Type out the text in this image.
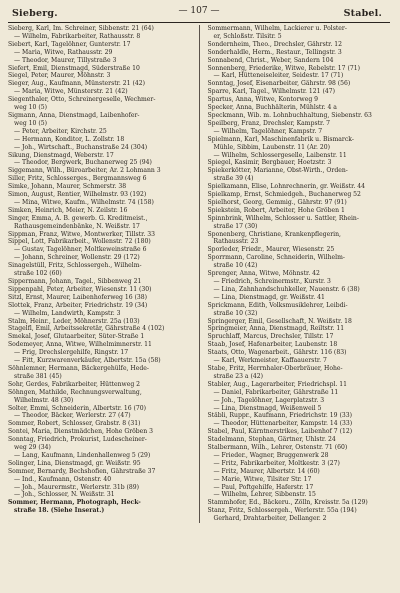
Sieberg.	— 107 —	Stabel.
Sieberg, Karl, Im. Schreiner, Sibbenstr. 21 (64)
— Wilhelm, Fabrikarbeiter, Rathausstr. 8
Siebert, Karl, Tagelöhner, Gunterstr. 17
— Maria, Witwe, Rathausstr. 29
— Theodor, Maurer, Tillystraße 3
Siefert, Emil, Dienstmagd, Süderstraße 10
Siegel, Peter, Maurer, Möhnstr. 3
Sieger, Aug., Kaufmann, Münsterstr. 21 (42)
— Maria, Witwe, Münsterstr. 21 (42)
Siegenthaler, Otto, Schreinergeselle, Wechmer-
weg 10 (5)
Sigmann, Anna, Dienstmagd, Laibenhofer-
weg 10 (5)
— Peter, Arbeiter, Kirchstr. 25
— Hermann, Konditor, L. Zollstr. 18
— Joh., Wirtschaft., Buchanstraße 24 (304)
Sikung, Dienstmagd, Weberstr. 17
— Theodor, Bergwerk, Buchanerweg 25 (94)
Siggemann, Wilh., Büroarbeiter, Ar. 2 Lohmann 3
Siller, Fritz, Schlosserges., Bergmannsweg 6
Simke, Johann, Maurer, Schmerstr. 38
Simon, August, Rentier, Wilhelmstr. 93 (192)
— Mina, Witwe, Kaufm., Wilhelmstr. 74 (158)
Simken, Heinrich, Meier, N. Zeilstr. 16
Singer, Emma, A. B. gewerb. G. Kreditmeist.,
Rathausgemeindenbänke, N. Weißstr. 17
Sippman, Franz, Witwe, Montwerker, Tillstr. 33
Sippel, Lott, Fabrikarbeit., Wollenstr. 72 (180)
— Gustav, Tagelöhner, Moltkeweinstraße 6
— Johann, Schreiner, Wollenstr. 29 (172)
Sinagelstüll, Fritz, Schlossergeh., Wilhelm-
straße 102 (60)
Sippermann, Johann, Tagel., Sibbenweg 21
Sippenpahl, Peter, Arbeiter, Wiesenstr. 11 (30)
Sitzl, Ernst, Maurer, Laibenhoferweg 16 (38)
Slottek, Franz, Arbeiter, Friedrichstr. 19 (34)
— Wilhelm, Landwirth, Kampstr. 3
Stalm, Heinr., Leder, Möhnerstr. 25a (103)
Stagelfl, Emil, Arbeitssekretär, Gährstraße 4 (102)
Smekal, Josef, Glutaarbeiter, Süter-Straße 1
Sodemeyer, Anna, Witwe, Wilhelmimnerstr. 11
— Frig, Drechslergehilfe, Ringstr. 17
— Fitt, Kurzwarenverkäufer, Albertstr. 15a (58)
Söhnlemner, Hermann, Bäckergehülfe, Hede-
straße 381 (45)
Sohr, Gerdes, Fabrikarbeiter, Hüttenweg 2
Söhngen, Mathilde, Rechnungsverwaltung,
Wilhelmstr. 48 (30)
Solter, Emmi, Schneiderin, Albertstr. 16 (70)
— Theodor, Bäcker, Werlerstr. 27 (47)
Sommer, Robert, Schlosser, Grabstr. 8 (31)
Sontei, Maria, Dienstmädchen, Hohe Gröben 3
Sonntag, Friedrich, Prokurist, Ludescheiner-
weg 29 (34)
— Lang, Kaufmann, Lindenhallenweg 5 (29)
Solinger, Lina, Dienstmagd, gr. Weißstr. 95
Sommer, Bernardy, Bechshofien, Gährstraße 37
— Ind., Kaufmann, Ostenstr. 40
— Joh., Maurermstr., Werlerstr. 31b (89)
— Joh., Schlosser, N. Weißstr. 31
Sommer, Hermann, Photograph, Heck-
straße 18. (Siehe Inserat.)
Sommermann, Wilhelm, Lackierer u. Polster-
er, Schloßstr. Tilsitr. 5
Sondernheim, Theo., Drechsler, Gährstr. 12
Sonderhaldle, Herm., Restaur., Tellingstr. 3
Sonnabend, Christ., Weber, Sandern 104
Sonnenberg, Friederike, Witwe, Rebelstr. 17 (71)
— Karl, Hütteneiseleiter, Seidestr. 17 (71)
Sonntag, Josef, Eisenarbeiter, Gährstr. 98 (56)
Sparre, Karl, Tagel., Wilhelmstr. 121 (47)
Spartus, Anna, Witwe, Kontorweg 9
Specker, Anna, Buchhälterin, Mühlstr. 4 a
Speckmann, Wib. m. Lohnbuchhaltung, Siebenstr. 63
Speilberg, Franz, Drechsler, Kampstr. 7
— Wilhelm, Tagelöhner, Kampstr. 7
Spielmann, Karl, Maschinenfabrik u. Bismarck-
Mühle, Sibbim, Laubenstr. 11 (Ar. 20)
— Wilhelm, Schlossergeselle, Laibenstr. 11
Spiegel, Kasimir, Bergbauer, Hoetzstr. 3
Spiekerkötter, Marianne, Obst-Wirth., Orden-
straße 39 (4)
Spielkamann, Elise, Lohnrechnerin, gr. Weißstr. 44
Spielkamp, Ernst, Schmiedgeh., Buchanerweg 52
Spielhorst, Georg, Gemmig., Gährstr. 97 (91)
Spiekstein, Robert, Arbeiter, Hohe Gröben 1
Spinnbrink, Wilhelm, Schlosser u. Sattler, Rhein-
straße 17 (30)
Sponenberg, Christiane, Krankenpflegerin,
Rathausstr. 23
Sporleder, Friedr., Maurer, Wiesenstr. 25
Sporrmann, Caroline, Schneiderin, Wilhelm-
straße 10 (42)
Sprenger, Anna, Witwe, Möhnstr. 42
— Friedrich, Schreinermstr., Kurstr. 3
— Lina, Zahnhandschuhkeller, Nauenstr. 6 (38)
— Lina, Dienstmagd, gr. Weißstr. 41
Sprickmann, Edith, Volksmusiklehrer, Leibdi-
straße 10 (32)
Springerger, Emil, Gesellschaft, N. Weißstr. 18
Springmeier, Anna, Dienstmagd, Reiltstr. 11
Spruchlaff, Marcus, Drechsler, Tillstr. 17
Staab, Josef, Hafenarbeiter, Laubenstr. 18
Staats, Otto, Wagenarbeit., Gährstr. 116 (83)
— Karl, Werkmeister, Kaffaauerstr. 7
Stabe, Fritz, Herrnhaler-Oberbräuer, Hohe-
straße 23 a (42)
Stabler, Aug., Lagerarbeiter, Friedrichspl. 11
— Daniel, Fabrikarbeiter, Gährstraße 11
— Joh., Tagelöhner, Lagerplatzstr. 3
— Lina, Dienstmagd, Weißenweil 5
Stäbli, Ruppr., Kaufmann, Friedrichstr. 19 (33)
— Theodor, Hüttenarbeiter, Kampstr. 14 (33)
Stabel, Paul, Kärntnerstrikes, Laibenhof 7 (12)
Stadelmann, Stephan, Gärtner, Uhlstr. 24
Stalbermann, Wilh., Lehrer, Ostenstr. 71 (60)
— Frieder., Wagner, Bruggenwerk 28
— Fritz, Fabrikarbeiter, Moltkestr. 3 (27)
— Fritz, Maurer, Albertstr. 14 (60)
— Marie, Witwe, Tilsiter Str. 17
— Paul, Poftgehilfe, Haferstr. 17
— Wilhelm, Lehrer, Sibbenstr. 15
Stammhofer, Ed., Bäckeru., Zölln, Kreisstr. 5a (129)
Stanz, Fritz, Schlossergeh., Werlerstr. 55a (194)
Gerhard, Drahtarbeiter, Dellanger. 2
